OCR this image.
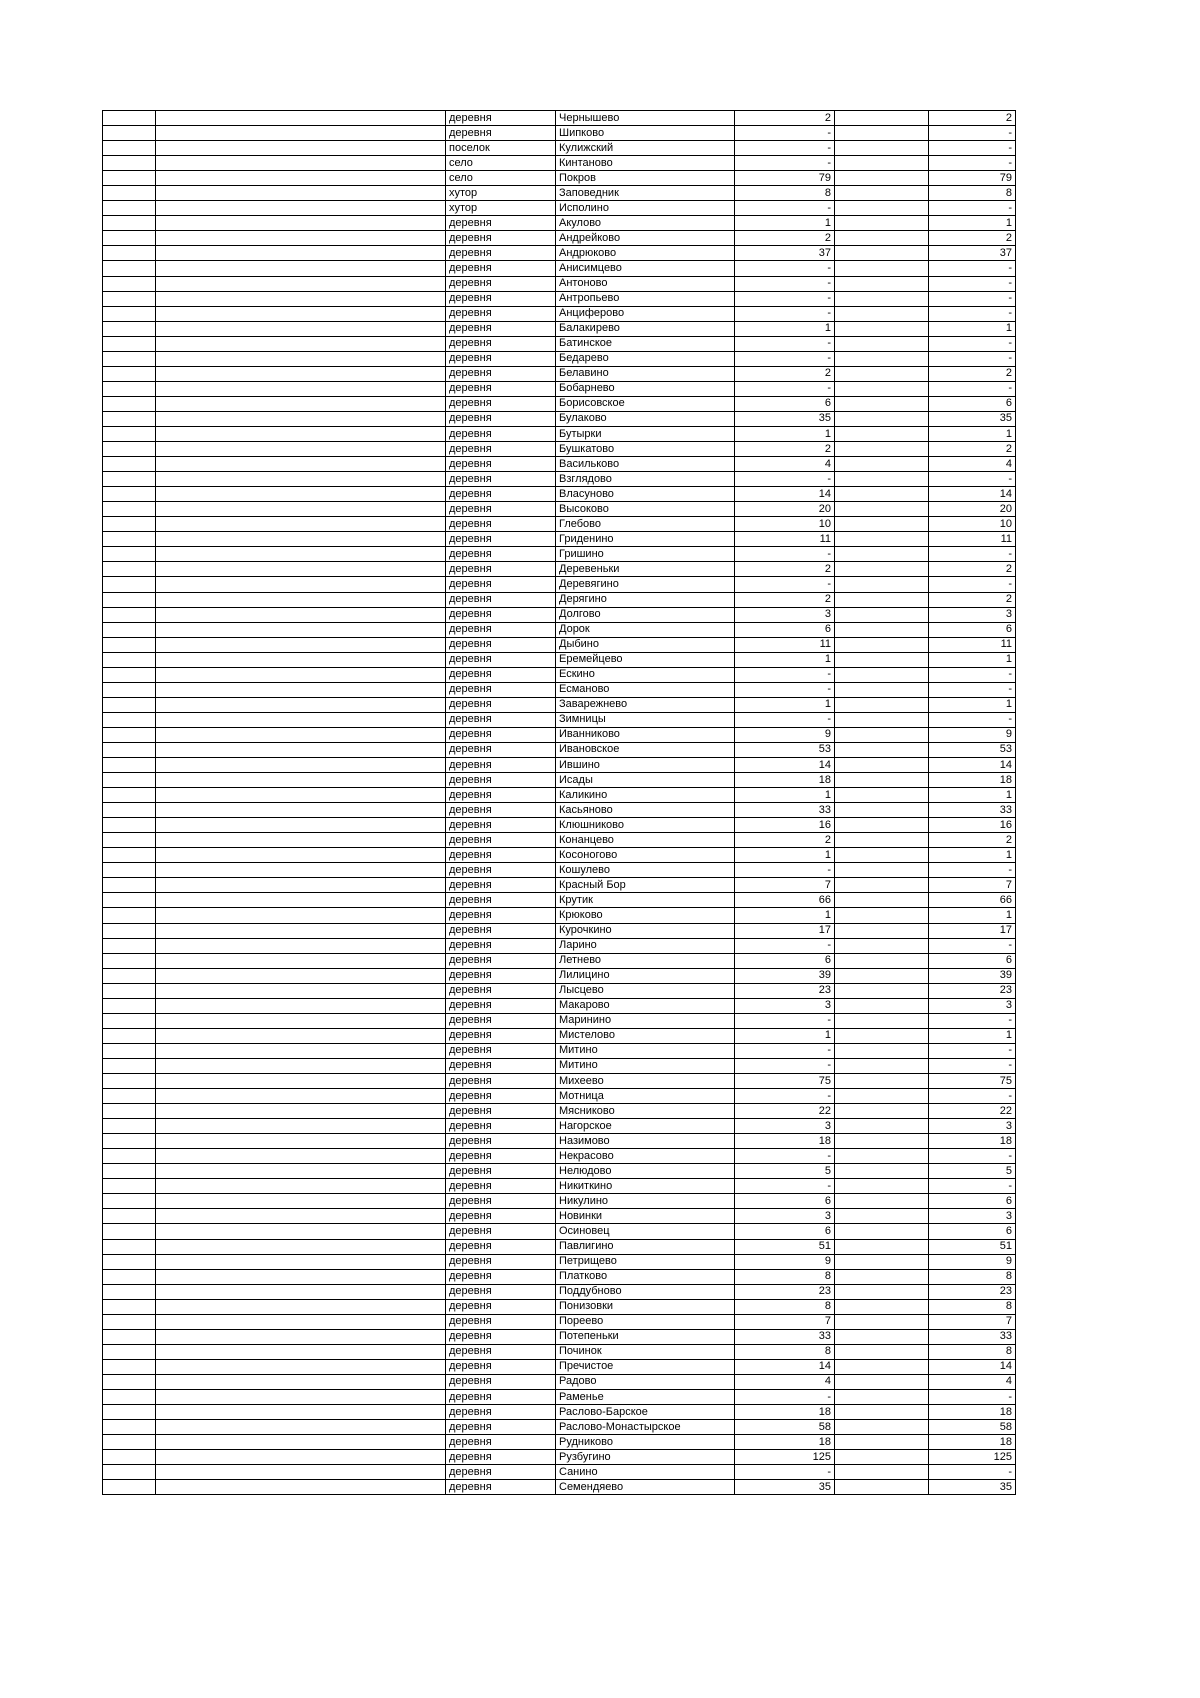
		деревня	Чернышево	2		2
		деревня	Шипково	-		-
		поселок	Кулижский	-		-
		село	Кинтаново	-		-
		село	Покров	79		79
		хутор	Заповедник	8		8
		хутор	Исполино	-		-
		деревня	Акулово	1		1
		деревня	Андрейково	2		2
		деревня	Андрюково	37		37
		деревня	Анисимцево	-		-
		деревня	Антоново	-		-
		деревня	Антропьево	-		-
		деревня	Анциферово	-		-
		деревня	Балакирево	1		1
		деревня	Батинское	-		-
		деревня	Бедарево	-		-
		деревня	Белавино	2		2
		деревня	Бобарнево	-		-
		деревня	Борисовское	6		6
		деревня	Булаково	35		35
		деревня	Бутырки	1		1
		деревня	Бушкатово	2		2
		деревня	Васильково	4		4
		деревня	Взглядово	-		-
		деревня	Власуново	14		14
		деревня	Высоково	20		20
		деревня	Глебово	10		10
		деревня	Гриденино	11		11
		деревня	Гришино	-		-
		деревня	Деревеньки	2		2
		деревня	Деревягино	-		-
		деревня	Дерягино	2		2
		деревня	Долгово	3		3
		деревня	Дорок	6		6
		деревня	Дыбино	11		11
		деревня	Еремейцево	1		1
		деревня	Ескино	-		-
		деревня	Есманово	-		-
		деревня	Заварежнево	1		1
		деревня	Зимницы	-		-
		деревня	Иванниково	9		9
		деревня	Ивановское	53		53
		деревня	Ившино	14		14
		деревня	Исады	18		18
		деревня	Каликино	1		1
		деревня	Касьяново	33		33
		деревня	Клюшниково	16		16
		деревня	Конанцево	2		2
		деревня	Косоногово	1		1
		деревня	Кошулево	-		-
		деревня	Красный Бор	7		7
		деревня	Крутик	66		66
		деревня	Крюково	1		1
		деревня	Курочкино	17		17
		деревня	Ларино	-		-
		деревня	Летнево	6		6
		деревня	Лилицино	39		39
		деревня	Лысцево	23		23
		деревня	Макарово	3		3
		деревня	Маринино	-		-
		деревня	Мистелово	1		1
		деревня	Митино	-		-
		деревня	Митино	-		-
		деревня	Михеево	75		75
		деревня	Мотница	-		-
		деревня	Мясниково	22		22
		деревня	Нагорское	3		3
		деревня	Назимово	18		18
		деревня	Некрасово	-		-
		деревня	Нелюдово	5		5
		деревня	Никиткино	-		-
		деревня	Никулино	6		6
		деревня	Новинки	3		3
		деревня	Осиновец	6		6
		деревня	Павлигино	51		51
		деревня	Петрищево	9		9
		деревня	Платково	8		8
		деревня	Поддубново	23		23
		деревня	Понизовки	8		8
		деревня	Пореево	7		7
		деревня	Потепеньки	33		33
		деревня	Починок	8		8
		деревня	Пречистое	14		14
		деревня	Радово	4		4
		деревня	Раменье	-		-
		деревня	Раслово-Барское	18		18
		деревня	Раслово-Монастырское	58		58
		деревня	Рудниково	18		18
		деревня	Рузбугино	125		125
		деревня	Санино	-		-
		деревня	Семендяево	35		35
